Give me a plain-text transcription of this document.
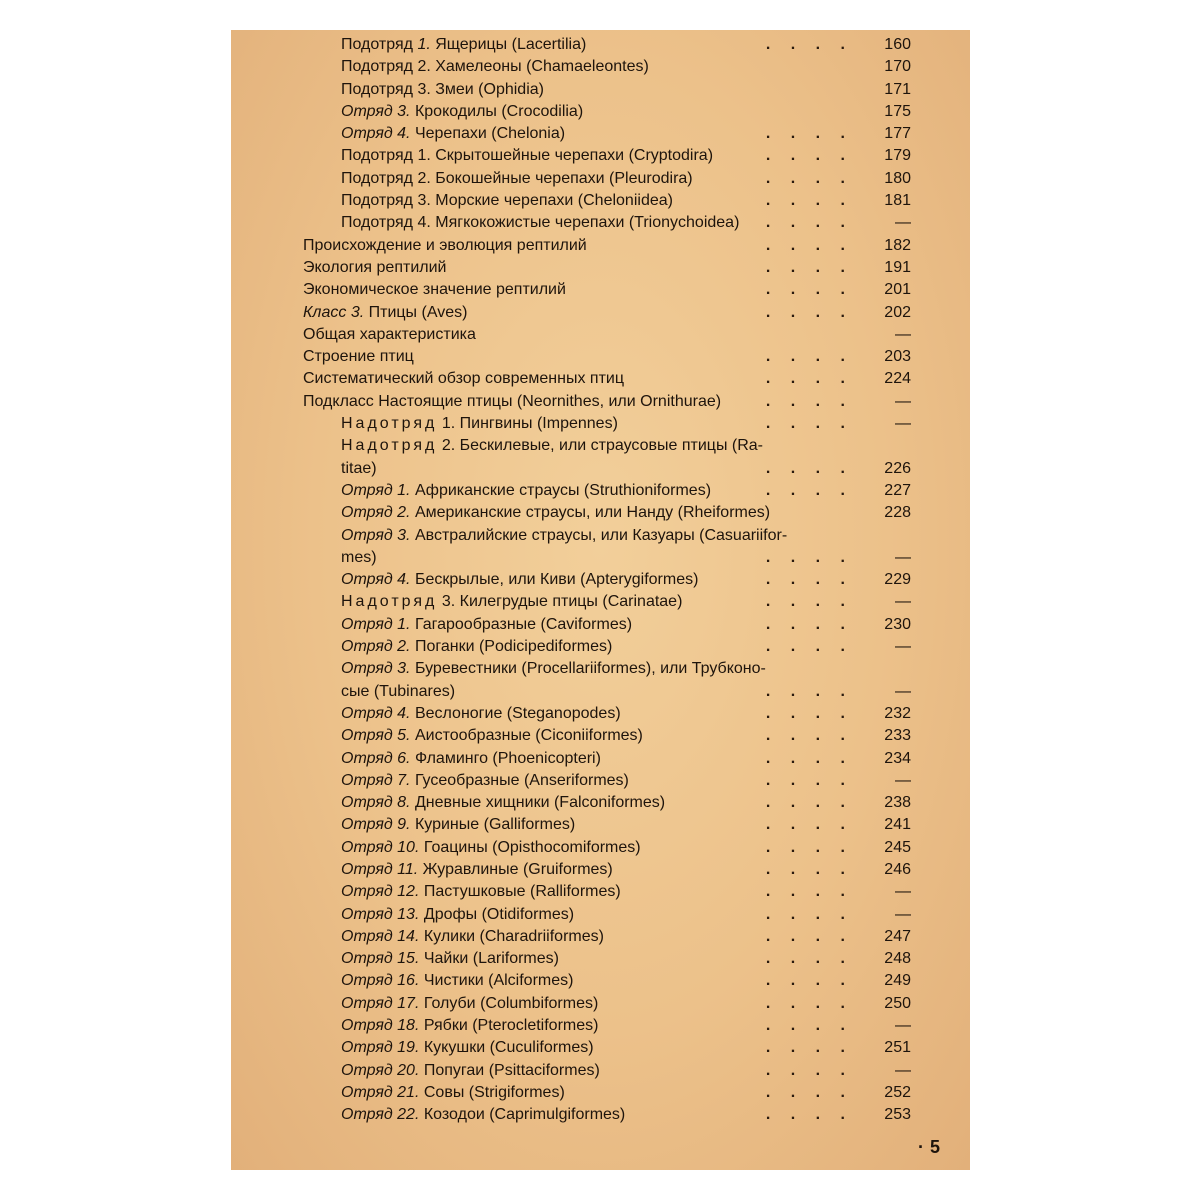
Подотряд 1. Ящерицы (Lacertilia)	. . . .	160
Подотряд 2. Хамелеоны (Chamaeleontes)	170
Подотряд 3. Змеи (Ophidia)	171
Отряд 3. Крокодилы (Crocodilia)	175
Отряд 4. Черепахи (Chelonia)	. . . .	177
Подотряд 1. Скрытошейные черепахи (Cryptodira)	. . . .	179
Подотряд 2. Бокошейные черепахи (Pleurodira)	. . . .	180
Подотряд 3. Морские черепахи (Cheloniidea)	. . . .	181
Подотряд 4. Мягкокожистые черепахи (Trionychoidea) . . . .	—
Происхождение и эволюция рептилий	. . . .	182
Экология рептилий	. . . .	191
Экономическое значение рептилий	. . . .	201
Класс 3. Птицы (Aves)	. . . .	202
Общая характеристика	—
Строение птиц	. . . .	203
Систематический обзор современных птиц	. . . .	224
Подкласс Настоящие птицы (Neornithes, или Ornithurae)	. . . .	—
Надотряд 1. Пингвины (Impennes)	. . . .	—
Надотряд 2. Бескилевые, или страусовые птицы (Ra-
titae)	. . . .	226
Отряд 1. Африканские страусы (Struthioniformes)	. . . .	227
Отряд 2. Американские страусы, или Нанду (Rheiformes)	228
Отряд 3. Австралийские страусы, или Казуары (Casuariifor-
mes)	. . . .	—
Отряд 4. Бескрылые, или Киви (Apterygiformes)	. . . .	229
Надотряд 3. Килегрудые птицы (Carinatae)	. . . .	—
Отряд 1. Гагарообразные (Caviformes)	. . . .	230
Отряд 2. Поганки (Podicipediformes)	. . . .	—
Отряд 3. Буревестники (Procellariiformes), или Трубконо-
сые (Tubinares)	. . . .	—
Отряд 4. Веслоногие (Steganopodes)	. . . .	232
Отряд 5. Аистообразные (Ciconiiformes)	. . . .	233
Отряд 6. Фламинго (Phoenicopteri)	. . . .	234
Отряд 7. Гусеобразные (Anseriformes)	. . . .	—
Отряд 8. Дневные хищники (Falconiformes)	. . . .	238
Отряд 9. Куриные (Galliformes)	. . . .	241
Отряд 10. Гоацины (Opisthocomiformes)	. . . .	245
Отряд 11. Журавлиные (Gruiformes)	. . . .	246
Отряд 12. Пастушковые (Ralliformes)	. . . .	—
Отряд 13. Дрофы (Otidiformes)	. . . .	—
Отряд 14. Кулики (Charadriiformes)	. . . .	247
Отряд 15. Чайки (Lariformes)	. . . .	248
Отряд 16. Чистики (Alciformes)	. . . .	249
Отряд 17. Голуби (Columbiformes)	. . . .	250
Отряд 18. Рябки (Pterocletiformes)	. . . .	—
Отряд 19. Кукушки (Cuculiformes)	. . . .	251
Отряд 20. Попугаи (Psittaciformes)	. . . .	—
Отряд 21. Совы (Strigiformes)	. . . .	252
Отряд 22. Козодои (Caprimulgiformes)	. . . .	253
· 5
